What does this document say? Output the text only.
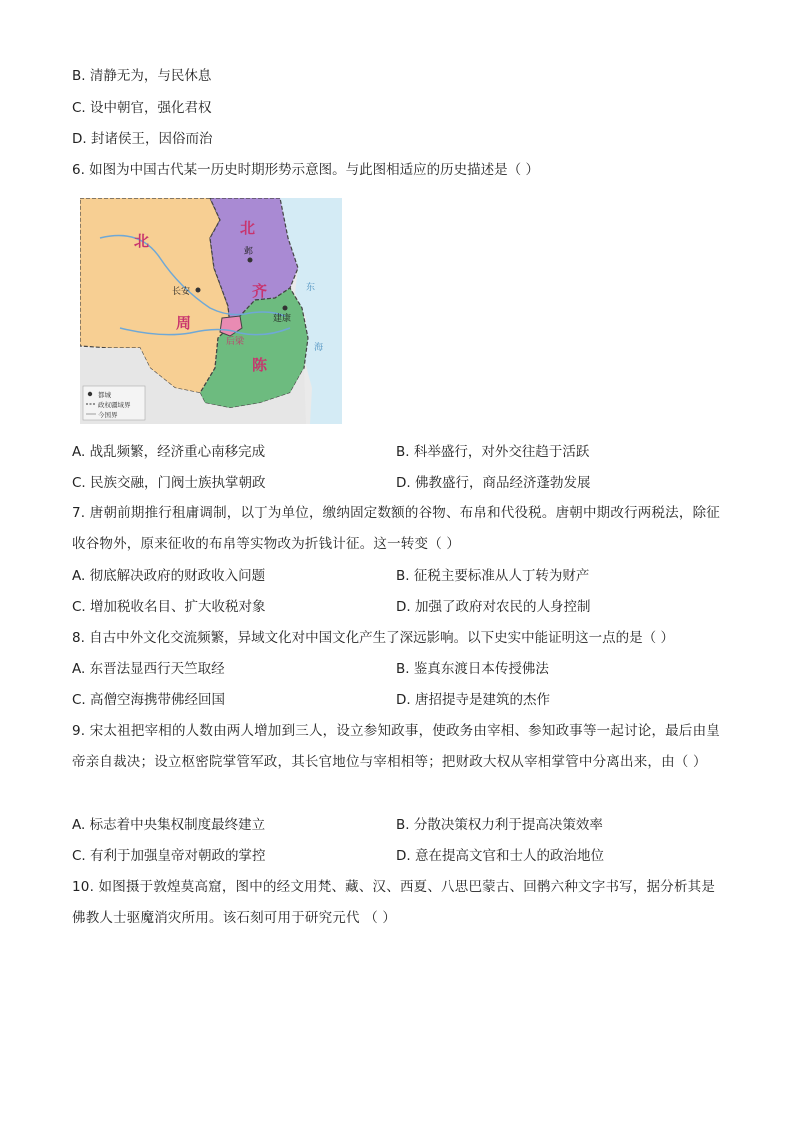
B. 清静无为，与民休息
C. 设中朝官，强化君权
D. 封诸侯王，因俗而治
6. 如图为中国古代某一历史时期形势示意图。与此图相适应的历史描述是（ ）
北
周
北
齐
邺
长安
建康
后梁
陈
东
海
都城
政权疆域界
今国界
A. 战乱频繁，经济重心南移完成	B. 科举盛行，对外交往趋于活跃
C. 民族交融，门阀士族执掌朝政	D. 佛教盛行，商品经济蓬勃发展
7. 唐朝前期推行租庸调制，以丁为单位，缴纳固定数额的谷物、布帛和代役税。唐朝中期改行两税法，除征收谷物外，原来征收的布帛等实物改为折钱计征。这一转变（ ）
A. 彻底解决政府的财政收入问题	B. 征税主要标准从人丁转为财产
C. 增加税收名目、扩大收税对象	D. 加强了政府对农民的人身控制
8. 自古中外文化交流频繁，异域文化对中国文化产生了深远影响。以下史实中能证明这一点的是（ ）
A. 东晋法显西行天竺取经	B. 鉴真东渡日本传授佛法
C. 高僧空海携带佛经回国	D. 唐招提寺是建筑的杰作
9. 宋太祖把宰相的人数由两人增加到三人，设立参知政事，使政务由宰相、参知政事等一起讨论，最后由皇帝亲自裁决；设立枢密院掌管军政，其长官地位与宰相相等；把财政大权从宰相掌管中分离出来，由（ ）
A. 标志着中央集权制度最终建立	B. 分散决策权力利于提高决策效率
C. 有利于加强皇帝对朝政的掌控	D. 意在提高文官和士人的政治地位
10. 如图摄于敦煌莫高窟，图中的经文用梵、藏、汉、西夏、八思巴蒙古、回鹘六种文字书写，据分析其是佛教人士驱魔消灾所用。该石刻可用于研究元代 （ ）
